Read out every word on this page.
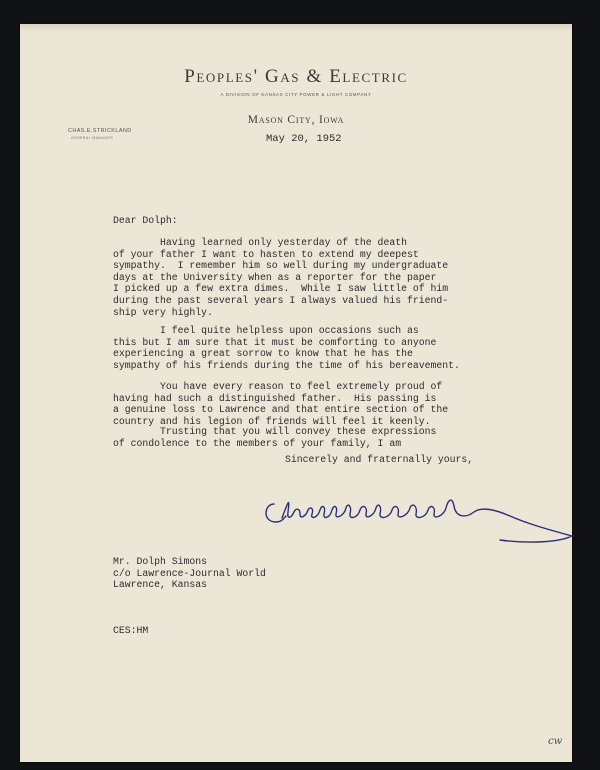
Peoples' Gas & Electric
A DIVISION OF KANSAS CITY POWER & LIGHT COMPANY
Mason City, Iowa
CHAS.E.STRICKLAND
GENERAL MANAGER	May 20, 1952
Dear Dolph:
Having learned only yesterday of the death
of your father I want to hasten to extend my deepest
sympathy.  I remember him so well during my undergraduate
days at the University when as a reporter for the paper
I picked up a few extra dimes.  While I saw little of him
during the past several years I always valued his friend-
ship very highly.
I feel quite helpless upon occasions such as
this but I am sure that it must be comforting to anyone
experiencing a great sorrow to know that he has the
sympathy of his friends during the time of his bereavement.
You have every reason to feel extremely proud of
having had such a distinguished father.  His passing is
a genuine loss to Lawrence and that entire section of the
country and his legion of friends will feel it keenly.
Trusting that you will convey these expressions
of condolence to the members of your family, I am
Sincerely and fraternally yours,
Mr. Dolph Simons
c/o Lawrence-Journal World
Lawrence, Kansas
CES:HM
cw
